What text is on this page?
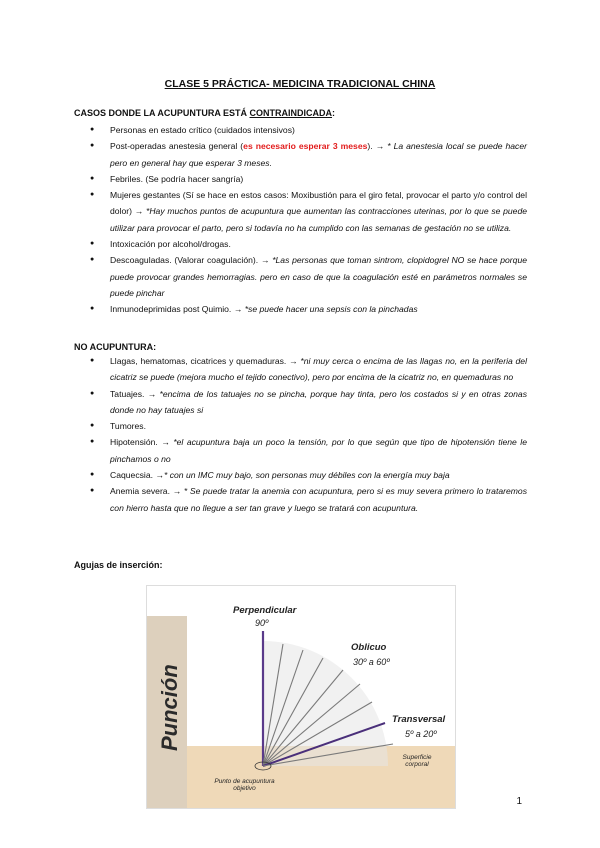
CLASE 5 PRÁCTICA- MEDICINA TRADICIONAL CHINA
CASOS DONDE LA ACUPUNTURA ESTÁ CONTRAINDICADA:
● Personas en estado crítico (cuidados intensivos)
● Post-operadas anestesia general (es necesario esperar 3 meses). → * La anestesia local se puede hacer pero en general hay que esperar 3 meses.
● Febriles. (Se podría hacer sangría)
● Mujeres gestantes (Sí se hace en estos casos: Moxibustión para el giro fetal, provocar el parto y/o control del dolor) → *Hay muchos puntos de acupuntura que aumentan las contracciones uterinas, por lo que se puede utilizar para provocar el parto, pero si todavía no ha cumplido con las semanas de gestación no se utiliza.
● Intoxicación por alcohol/drogas.
● Descoaguladas. (Valorar coagulación). → *Las personas que toman sintrom, clopidogrel NO se hace porque puede provocar grandes hemorragias. pero en caso de que la coagulación esté en parámetros normales se puede pinchar
● Inmunodeprimidas post Quimio. → *se puede hacer una sepsis con la pinchadas
NO ACUPUNTURA:
● Llagas, hematomas, cicatrices y quemaduras. → *ni muy cerca o encima de las llagas no, en la periferia del cicatriz se puede (mejora mucho el tejido conectivo), pero por encima de la cicatriz no, en quemaduras no
● Tatuajes. → *encima de los tatuajes no se pincha, porque hay tinta, pero los costados si y en otras zonas donde no hay tatuajes si
● Tumores.
● Hipotensión. → *el acupuntura baja un poco la tensión, por lo que según que tipo de hipotensión tiene le pinchamos o no
● Caquecsia. →* con un IMC muy bajo, son personas muy débiles con la energía muy baja
● Anemia severa. → * Se puede tratar la anemia con acupuntura, pero si es muy severa primero lo trataremos con hierro hasta que no llegue a ser tan grave y luego se tratará con acupuntura.
Agujas de inserción:
Punción
Perpendicular
90º
Oblicuo
30º a 60º
Transversal
5º a 20º
Punto de acupuntura objetivo
Superficie corporal
1
